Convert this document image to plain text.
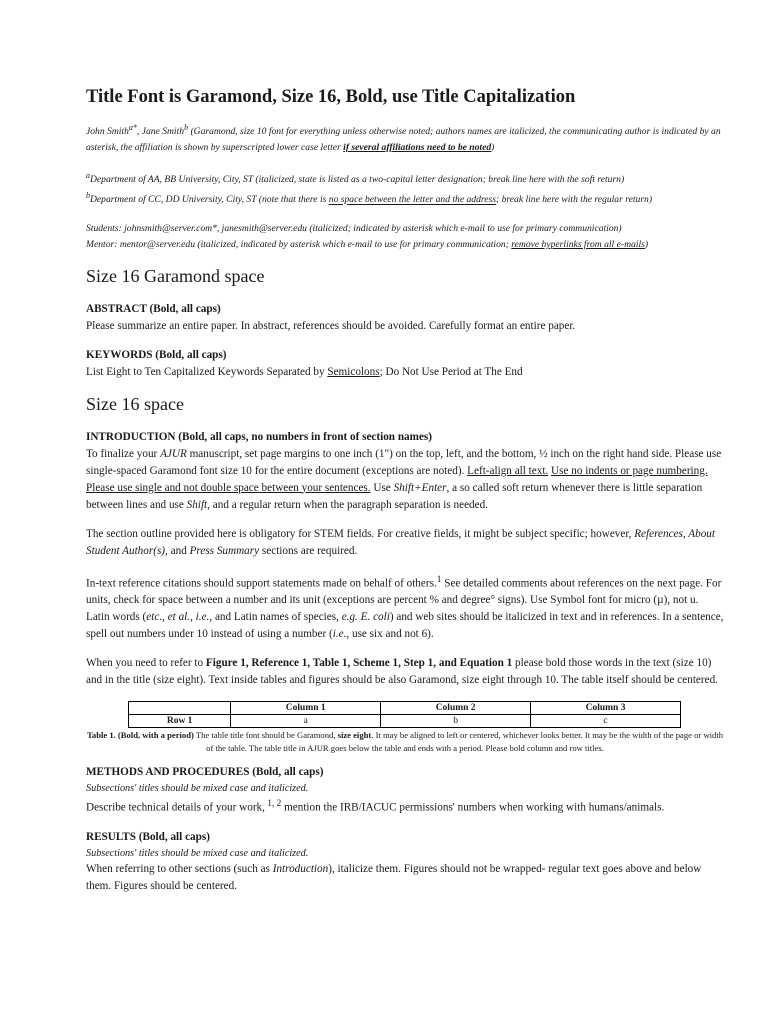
Title Font is Garamond, Size 16, Bold, use Title Capitalization

John Smith$^{a*}$, Jane Smith$^b$ (Garamond, size 10 font for everything unless otherwise noted; authors names are italicized, the communicating author is indicated by an asterisk, the affiliation is shown by superscripted lower case letter if several affiliations need to be noted)

$^a$Department of AA, BB University, City, ST (italicized, state is listed as a two-capital letter designation; break line here with the soft return)

$^b$Department of CC, DD University, City, ST (note that there is no space between the letter and the address; break line here with the regular return)

Students: johnsmith@server.com*, janesmith@server.edu (italicized; indicated by asterisk which e-mail to use for primary communication)

Mentor: mentor@server.edu (italicized, indicated by asterisk which e-mail to use for primary communication; remove hyperlinks from all e-mails)

Size 16 Garamond space

ABSTRACT (Bold, all caps)

Please summarize an entire paper. In abstract, references should be avoided. Carefully format an entire paper.

KEYWORDS (Bold, all caps)

List Eight to Ten Capitalized Keywords Separated by Semicolons; Do Not Use Period at The End

Size 16 space

INTRODUCTION (Bold, all caps, no numbers in front of section names)

To finalize your AJUR manuscript, set page margins to one inch (1") on the top, left, and the bottom, ½ inch on the right hand side. Please use single-spaced Garamond font size 10 for the entire document (exceptions are noted). Left-align all text. Use no indents or page numbering. Please use single and not double space between your sentences. Use Shift+Enter, a so called soft return whenever there is little separation between lines and use Shift, and a regular return when the paragraph separation is needed.

The section outline provided here is obligatory for STEM fields. For creative fields, it might be subject specific; however, References, About Student Author(s), and Press Summary sections are required.

In-text reference citations should support statements made on behalf of others.$^1$ See detailed comments about references on the next page. For units, check for space between a number and its unit (exceptions are percent % and degree° signs). Use Symbol font for micro (µ), not u. Latin words (etc., et al., i.e., and Latin names of species, e.g. E. coli) and web sites should be italicized in text and in references. In a sentence, spell out numbers under 10 instead of using a number (i.e., use six and not 6).

When you need to refer to Figure 1, Reference 1, Table 1, Scheme 1, Step 1, and Equation 1 please bold those words in the text (size 10) and in the title (size eight). Text inside tables and figures should be also Garamond, size eight through 10. The table itself should be centered.

	Column 1	Column 2	Column 3
Row 1	a	b	c

Table 1. (Bold, with a period) The table title font should be Garamond, size eight. It may be aligned to left or centered, whichever looks better. It may be the width of the page or width of the table. The table title in AJUR goes below the table and ends with a period. Please bold column and row titles.

METHODS AND PROCEDURES (Bold, all caps)

Subsections' titles should be mixed case and italicized.

Describe technical details of your work, $^{1, 2}$ mention the IRB/IACUC permissions' numbers when working with humans/animals.

RESULTS (Bold, all caps)

Subsections' titles should be mixed case and italicized.

When referring to other sections (such as Introduction), italicize them. Figures should not be wrapped- regular text goes above and below them. Figures should be centered.
